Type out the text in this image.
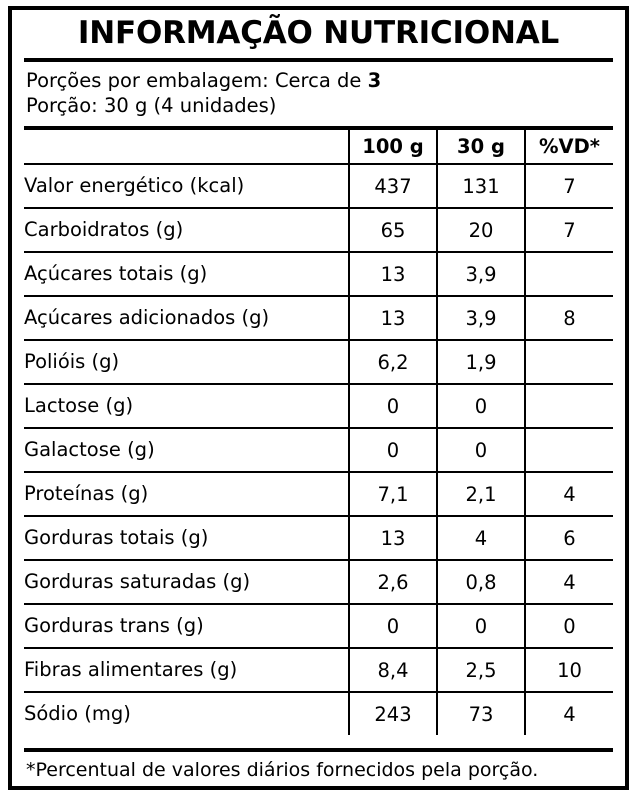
INFORMAÇÃO NUTRICIONAL
Porções por embalagem: Cerca de 3
Porção: 30 g (4 unidades)
	100 g	30 g	%VD*
Valor energético (kcal)	437	131	7
Carboidratos (g)	65	20	7
Açúcares totais (g)	13	3,9	
Açúcares adicionados (g)	13	3,9	8
Polióis (g)	6,2	1,9	
Lactose (g)	0	0	
Galactose (g)	0	0	
Proteínas (g)	7,1	2,1	4
Gorduras totais (g)	13	4	6
Gorduras saturadas (g)	2,6	0,8	4
Gorduras trans (g)	0	0	0
Fibras alimentares (g)	8,4	2,5	10
Sódio (mg)	243	73	4
*Percentual de valores diários fornecidos pela porção.
